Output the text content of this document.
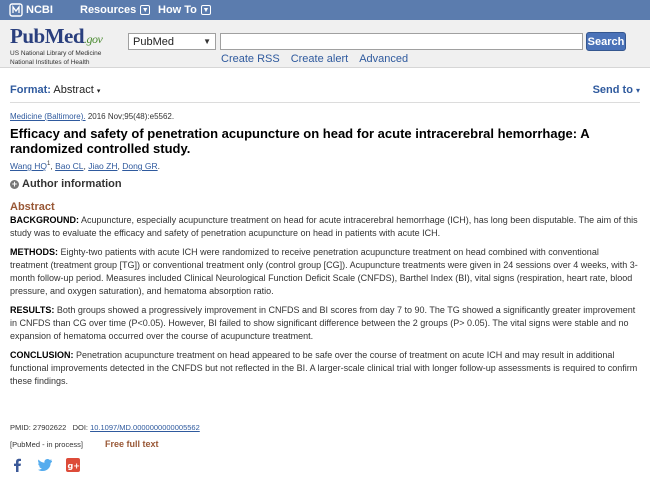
NCBI Resources ▼ How To ▼
PubMed.gov
US National Library of Medicine
National Institutes of Health
PubMed	▼	Search
Create RSS Create alert Advanced
Format: Abstract ▾	Send to ▾
Medicine (Baltimore). 2016 Nov;95(48):e5562.
Efficacy and safety of penetration acupuncture on head for acute intracerebral hemorrhage: A randomized controlled study.
Wang $HQ^1$, Bao CL, Jiao ZH, Dong GR.
+ Author information
Abstract

BACKGROUND: Acupuncture, especially acupuncture treatment on head for acute intracerebral hemorrhage (ICH), has long been disputable. The aim of this study was to evaluate the efficacy and safety of penetration acupuncture on head in patients with acute ICH.

METHODS: Eighty-two patients with acute ICH were randomized to receive penetration acupuncture treatment on head combined with conventional treatment (treatment group [TG]) or conventional treatment only (control group [CG]). Acupuncture treatments were given in 24 sessions over 4 weeks, with 3-month follow-up period. Measures included Clinical Neurological Function Deficit Scale (CNFDS), Barthel Index (BI), vital signs (respiration, heart rate, blood pressure, and oxygen saturation), and hematoma absorption ratio.

RESULTS: Both groups showed a progressively improvement in CNFDS and BI scores from day 7 to 90. The TG showed a significantly greater improvement in CNFDS than CG over time (P<0.05). However, BI failed to show significant difference between the 2 groups (P> 0.05). The vital signs were stable and no expansion of hematoma occurred over the course of acupuncture treatment.

CONCLUSION: Penetration acupuncture treatment on head appeared to be safe over the course of treatment on acute ICH and may result in additional functional improvements detected in the CNFDS but not reflected in the BI. A larger-scale clinical trial with longer follow-up assessments is required to confirm these findings.

PMID: 27902622 DOI: 10.1097/MD.0000000000005562
[PubMed - in process] Free full text
g+
